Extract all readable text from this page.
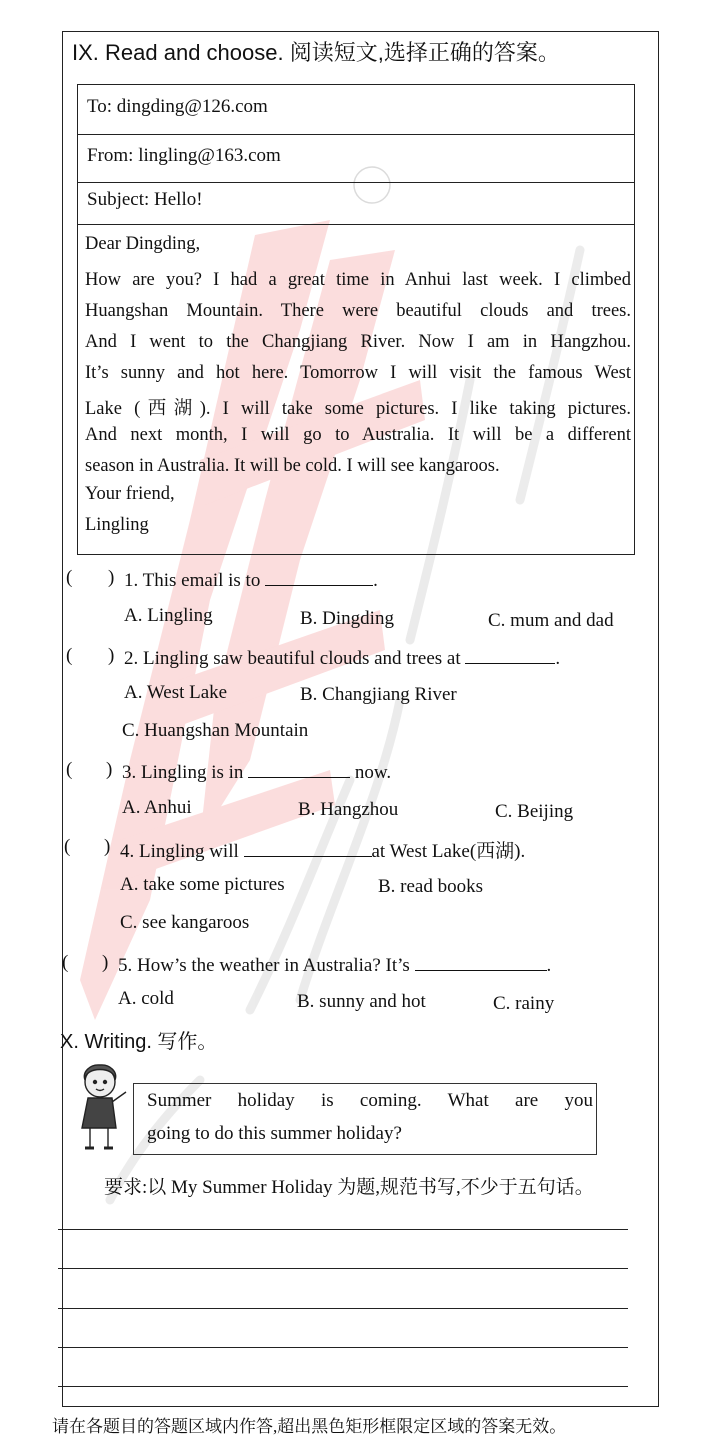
IX. Read and choose. 阅读短文,选择正确的答案。
To: dingding@126.com
From: lingling@163.com
Subject: Hello!
Dear Dingding,
How are you? I had a great time in Anhui last week. I climbed
Huangshan Mountain. There were beautiful clouds and trees.
And I went to the Changjiang River. Now I am in Hangzhou.
It’s sunny and hot here. Tomorrow I will visit the famous West
Lake (西湖). I will take some pictures. I like taking pictures.
And next month, I will go to Australia. It will be a different
season in Australia. It will be cold. I will see kangaroos.
Your friend,
Lingling
( ) 1. This email is to	.
A. Lingling	B. Dingding	C. mum and dad
( ) 2. Lingling saw beautiful clouds and trees at	.
A. West Lake	B. Changjiang River
C. Huangshan Mountain
( ) 3. Lingling is in	now.
A. Anhui	B. Hangzhou	C. Beijing
( ) 4. Lingling will	at West Lake(西湖).
A. take some pictures	B. read books
C. see kangaroos
( ) 5. How’s the weather in Australia? It’s	.
A. cold	B. sunny and hot	C. rainy
X. Writing. 写作。
Summer holiday is coming. What are you
going to do this summer holiday?
要求:以 My Summer Holiday 为题,规范书写,不少于五句话。
请在各题目的答题区域内作答,超出黑色矩形框限定区域的答案无效。
